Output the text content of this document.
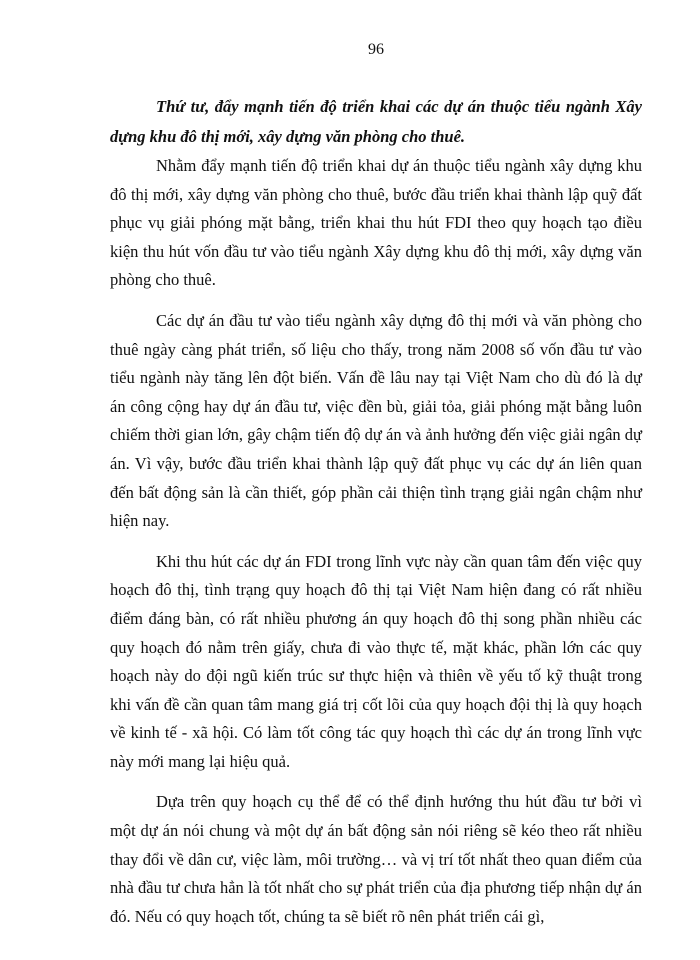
96

Thứ tư, đẩy mạnh tiến độ triển khai các dự án thuộc tiểu ngành Xây dựng khu đô thị mới, xây dựng văn phòng cho thuê.

Nhằm đẩy mạnh tiến độ triển khai dự án thuộc tiểu ngành xây dựng khu đô thị mới, xây dựng văn phòng cho thuê, bước đầu triển khai thành lập quỹ đất phục vụ giải phóng mặt bằng, triển khai thu hút FDI theo quy hoạch tạo điều kiện thu hút vốn đầu tư vào tiểu ngành Xây dựng khu đô thị mới, xây dựng văn phòng cho thuê.

Các dự án đầu tư vào tiểu ngành xây dựng đô thị mới và văn phòng cho thuê ngày càng phát triển, số liệu cho thấy, trong năm 2008 số vốn đầu tư vào tiểu ngành này tăng lên đột biến. Vấn đề lâu nay tại Việt Nam cho dù đó là dự án công cộng hay dự án đầu tư, việc đền bù, giải tỏa, giải phóng mặt bằng luôn chiếm thời gian lớn, gây chậm tiến độ dự án và ảnh hưởng đến việc giải ngân dự án. Vì vậy, bước đầu triển khai thành lập quỹ đất phục vụ các dự án liên quan đến bất động sản là cần thiết, góp phần cải thiện tình trạng giải ngân chậm như hiện nay.

Khi thu hút các dự án FDI trong lĩnh vực này cần quan tâm đến việc quy hoạch đô thị, tình trạng quy hoạch đô thị tại Việt Nam hiện đang có rất nhiều điểm đáng bàn, có rất nhiều phương án quy hoạch đô thị song phần nhiều các quy hoạch đó nằm trên giấy, chưa đi vào thực tế, mặt khác, phần lớn các quy hoạch này do đội ngũ kiến trúc sư thực hiện và thiên về yếu tố kỹ thuật trong khi vấn đề cần quan tâm mang giá trị cốt lõi của quy hoạch đội thị là quy hoạch về kinh tế - xã hội. Có làm tốt công tác quy hoạch thì các dự án trong lĩnh vực này mới mang lại hiệu quả.

Dựa trên quy hoạch cụ thể để có thể định hướng thu hút đầu tư bởi vì một dự án nói chung và một dự án bất động sản nói riêng sẽ kéo theo rất nhiều thay đổi về dân cư, việc làm, môi trường… và vị trí tốt nhất theo quan điểm của nhà đầu tư chưa hẳn là tốt nhất cho sự phát triển của địa phương tiếp nhận dự án đó. Nếu có quy hoạch tốt, chúng ta sẽ biết rõ nên phát triển cái gì,
